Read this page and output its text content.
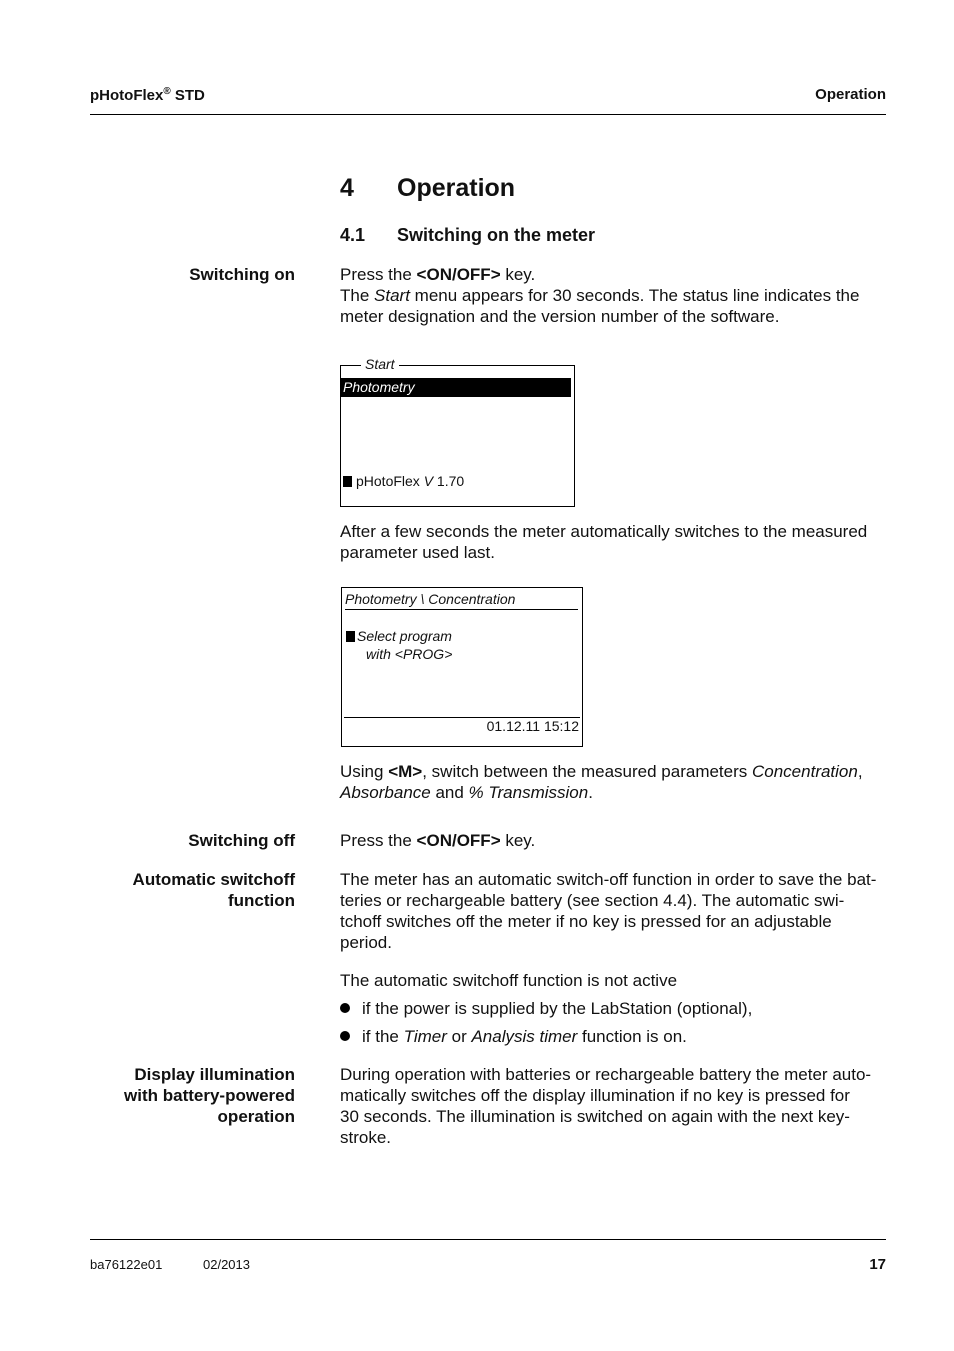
pHotoFlex® STD	Operation
4 Operation
4.1 Switching on the meter
Switching on	Press the <ON/OFF> key.

The Start menu appears for 30 seconds. The status line indicates the

meter designation and the version number of the software.

Start
Photometry
pHotoFlex V 1.70

After a few seconds the meter automatically switches to the measured

parameter used last.

Photometry \ Concentration
Select program
with <PROG>
01.12.11 15:12

Using <M>, switch between the measured parameters Concentration,

Absorbance and % Transmission.

Switching off	Press the <ON/OFF> key.

Automatic switchoff
function

The meter has an automatic switch-off function in order to save the bat-

teries or rechargeable battery (see section 4.4). The automatic swi-

tchoff switches off the meter if no key is pressed for an adjustable

period.

The automatic switchoff function is not active
if the power is supplied by the LabStation (optional),
if the Timer or Analysis timer function is on.
Display illumination
with battery-powered
operation

During operation with batteries or rechargeable battery the meter auto-

matically switches off the display illumination if no key is pressed for

30 seconds. The illumination is switched on again with the next key-

stroke.

ba76122e01	02/2013	17
